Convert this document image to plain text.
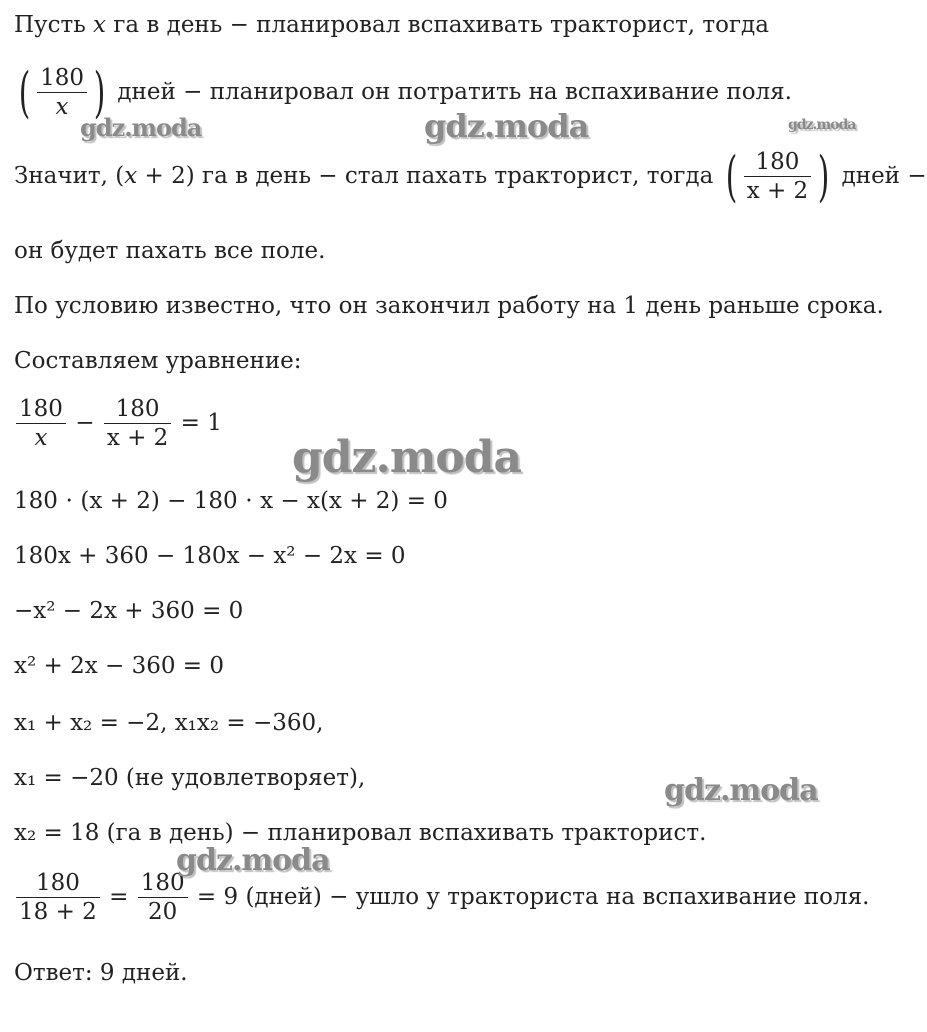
Пусть x га в день − планировал вспахивать тракторист, тогда
( $\frac{180}{x}$ ) дней − планировал он потратить на вспахивание поля.
Значит, (x + 2) га в день − стал пахать тракторист, тогда ( $\frac{180}{x + 2}$ ) дней −
он будет пахать все поле.
По условию известно, что он закончил работу на 1 день раньше срока.
Составляем уравнение:
$\frac{180}{x} - \frac{180}{x + 2} = 1$
180 ⋅ (x + 2) − 180 ⋅ x − x(x + 2) = 0
180x + 360 − 180x − x² − 2x = 0
−x² − 2x + 360 = 0
x² + 2x − 360 = 0
x₁ + x₂ = −2, x₁x₂ = −360,
x₁ = −20 (не удовлетворяет),
x₂ = 18 (га в день) − планировал вспахивать тракторист.
$\frac{180}{18 + 2} = \frac{180}{20} = 9$ (дней) − ушло у тракториста на вспахивание поля.
Ответ: 9 дней.
gdz.moda	gdz.moda	gdz.moda
gdz.moda
gdz.moda
gdz.moda
